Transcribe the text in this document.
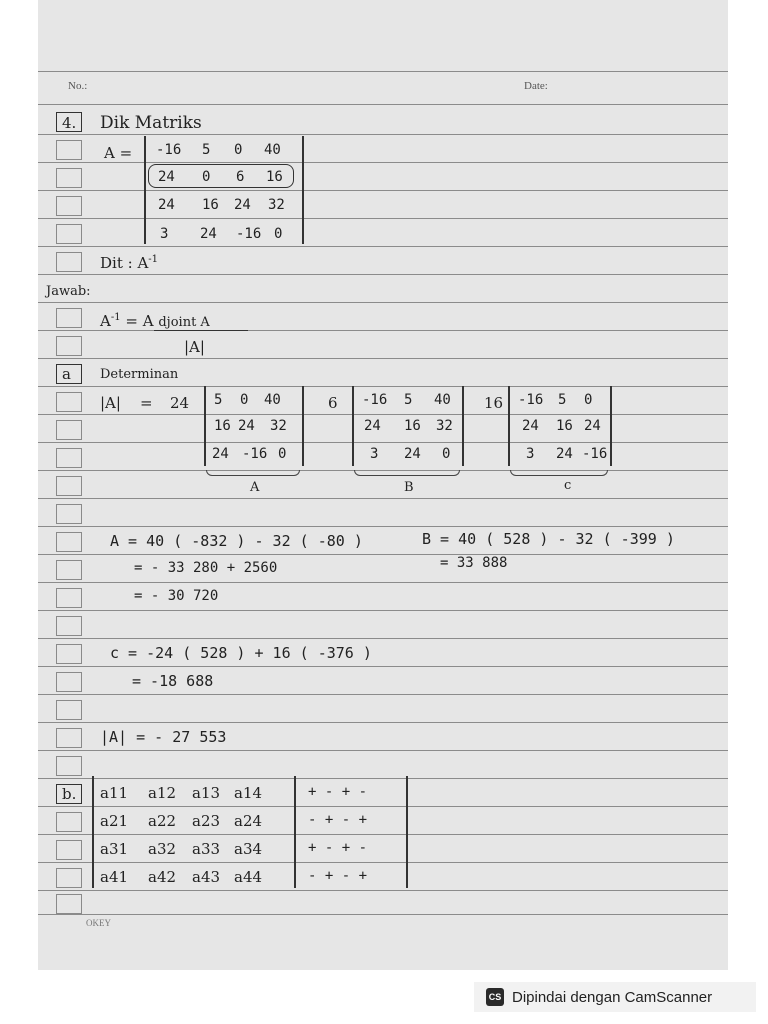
No.:	Date:
4. Dik Matriks
A = -16 5 0 40
24 0 6 16
24 16 24 32
3 24 -16 0
Dit : $A^{-1}$
Jawab:
$A^{-1} = A$ djoint A
|A|
a Determinan
|A| = 24 5 0 40
16 24 32
24 -16 0
A
6 -16 5 40
24 16 32
3 24 0
B
16 -16 5 0
24 16 24
3 24 -16
c
A = 40 ( -832 ) - 32 ( -80 )
= - 33 280 + 2560
= - 30 720
B = 40 ( 528 ) - 32 ( -399 )
= 33 888
c = -24 ( 528 ) + 16 ( -376 )
= -18 688
|A| = - 27 553
b. a11 a12 a13 a14
a21 a22 a23 a24
a31 a32 a33 a34
a41 a42 a43 a44
+ - + -
- + - +
+ - + -
- + - +
OKEY
CS Dipindai dengan CamScanner
